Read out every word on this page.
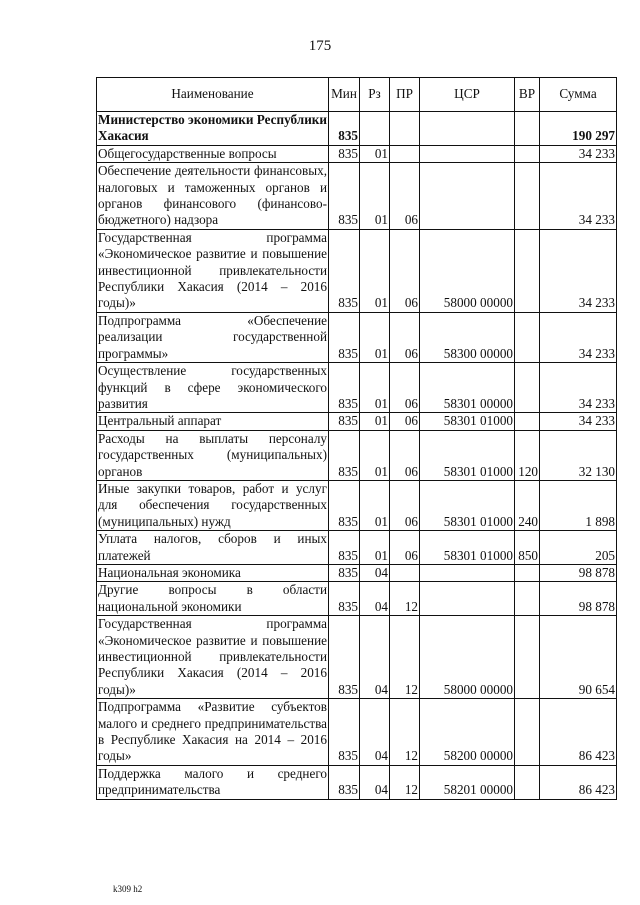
175
Наименование	Мин	Рз	ПР	ЦСР	ВР	Сумма
Министерство экономики Республики Хакасия	835					190 297
Общегосударственные вопросы	835	01				34 233
Обеспечение деятельности финансовых, налоговых и таможенных органов и органов финансового (финансово-бюджетного) надзора	835	01	06			34 233
Государственная программа «Экономическое развитие и повышение инвестиционной привлекательности Республики Хакасия (2014 – 2016 годы)»	835	01	06	58000 00000		34 233
Подпрограмма «Обеспечение реализации государственной программы»	835	01	06	58300 00000		34 233
Осуществление государственных функций в сфере экономического развития	835	01	06	58301 00000		34 233
Центральный аппарат	835	01	06	58301 01000		34 233
Расходы на выплаты персоналу государственных (муниципальных) органов	835	01	06	58301 01000	120	32 130
Иные закупки товаров, работ и услуг для обеспечения государственных (муниципальных) нужд	835	01	06	58301 01000	240	1 898
Уплата налогов, сборов и иных платежей	835	01	06	58301 01000	850	205
Национальная экономика	835	04				98 878
Другие вопросы в области национальной экономики	835	04	12			98 878
Государственная программа «Экономическое развитие и повышение инвестиционной привлекательности Республики Хакасия (2014 – 2016 годы)»	835	04	12	58000 00000		90 654
Подпрограмма «Развитие субъектов малого и среднего предпринимательства в Республике Хакасия на 2014 – 2016 годы»	835	04	12	58200 00000		86 423
Поддержка малого и среднего предпринимательства	835	04	12	58201 00000		86 423
k309 h2
